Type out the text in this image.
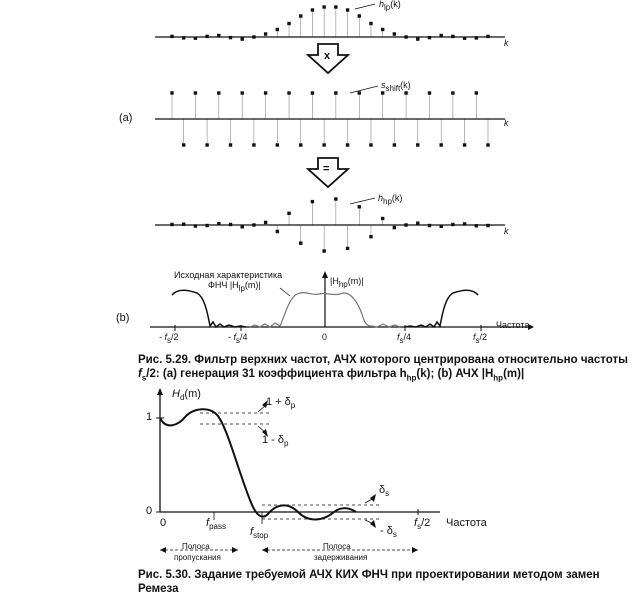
(a)
(b)
$h_{lp}(k)$
$s_{shift}(k)$
$h_{hp}(k)$
k
k
k
x
=
Исходная характеристика
ФНЧ $|H_{lp}(m)|$	$|H_{hp}(m)|$
- $f_s/2$	- $f_s/4$	0	$f_s/4$	$f_s/2$
Частота
Рис. 5.29. Фильтр верхних частот, АЧХ которого центрирована относительно частоты
$f_s/2$: (a) генерация 31 коэффициента фильтра $h_{hp}(k)$; (b) АЧХ $|H_{hp}(m)|$
$H_d(m)$
1
0
0
$1 + \delta_p$
$1 - \delta_p$
$\delta_s$
- $\delta_s$
$f_{pass}$ $f_{stop}$
$f_s/2$ Частота
Полоса
пропускания
Полоса
задерживания
Рис. 5.30. Задание требуемой АЧХ КИХ ФНЧ при проектировании методом замен
Ремеза
